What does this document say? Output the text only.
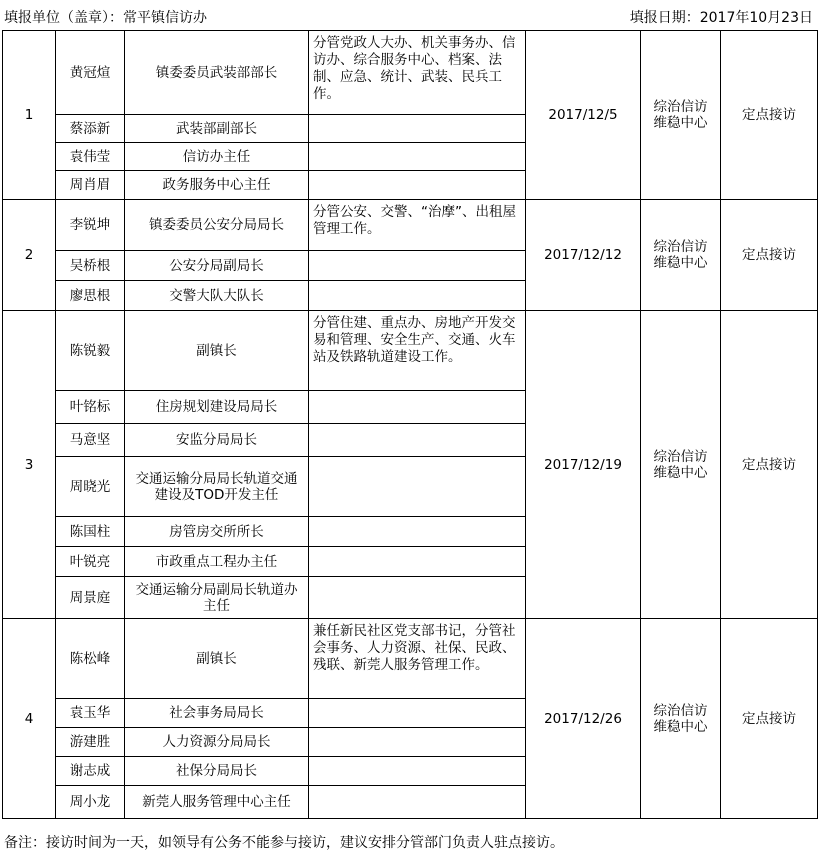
填报单位（盖章）：常平镇信访办	填报日期：2017年10月23日
1	黄冠煊	镇委委员武装部部长	分管党政人大办、机关事务办、信访办、综合服务中心、档案、法制、应急、统计、武装、民兵工作。	2017/12/5	综治信访维稳中心	定点接访
	蔡添新	武装部副部长				
	袁伟莹	信访办主任				
	周肖眉	政务服务中心主任				
2	李锐坤	镇委委员公安分局局长	分管公安、交警、“治摩”、出租屋管理工作。	2017/12/12	综治信访维稳中心	定点接访
	吴桥根	公安分局副局长				
	廖思根	交警大队大队长				
3	陈锐毅	副镇长	分管住建、重点办、房地产开发交易和管理、安全生产、交通、火车站及铁路轨道建设工作。	2017/12/19	综治信访维稳中心	定点接访
	叶铭标	住房规划建设局局长				
	马意坚	安监分局局长				
	周晓光	交通运输分局局长轨道交通建设及TOD开发主任				
	陈国柱	房管房交所所长				
	叶锐亮	市政重点工程办主任				
	周景庭	交通运输分局副局长轨道办主任				
4	陈松峰	副镇长	兼任新民社区党支部书记，分管社会事务、人力资源、社保、民政、残联、新莞人服务管理工作。	2017/12/26	综治信访维稳中心	定点接访
	袁玉华	社会事务局局长				
	游建胜	人力资源分局局长				
	谢志成	社保分局局长				
	周小龙	新莞人服务管理中心主任				
备注：接访时间为一天，如领导有公务不能参与接访，建议安排分管部门负责人驻点接访。
